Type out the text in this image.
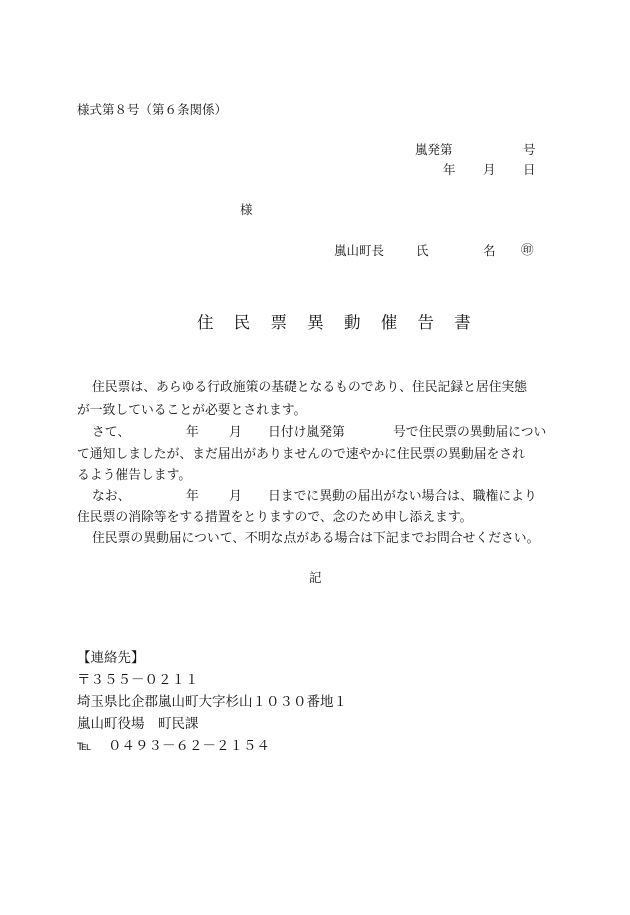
様式第８号（第６条関係）
嵐発第	号
年 月 日
様
嵐山町長	氏	名 ㊞
住 民 票 異 動 催 告 書
住民票は、あらゆる行政施策の基礎となるものであり、住民記録と居住実態
が一致していることが必要とされます。
さて、	年 月 日付け嵐発第	号で住民票の異動届につい
て通知しましたが、まだ届出がありませんので速やかに住民票の異動届をされ
るよう催告します。
なお、	年 月 日までに異動の届出がない場合は、職権により
住民票の消除等をする措置をとりますので、念のため申し添えます。
住民票の異動届について、不明な点がある場合は下記までお問合せください。
記
【連絡先】
〒３５５－０２１１
埼玉県比企郡嵐山町大字杉山１０３０番地１
嵐山町役場　町民課
℡ ０４９３－６２－２１５４
